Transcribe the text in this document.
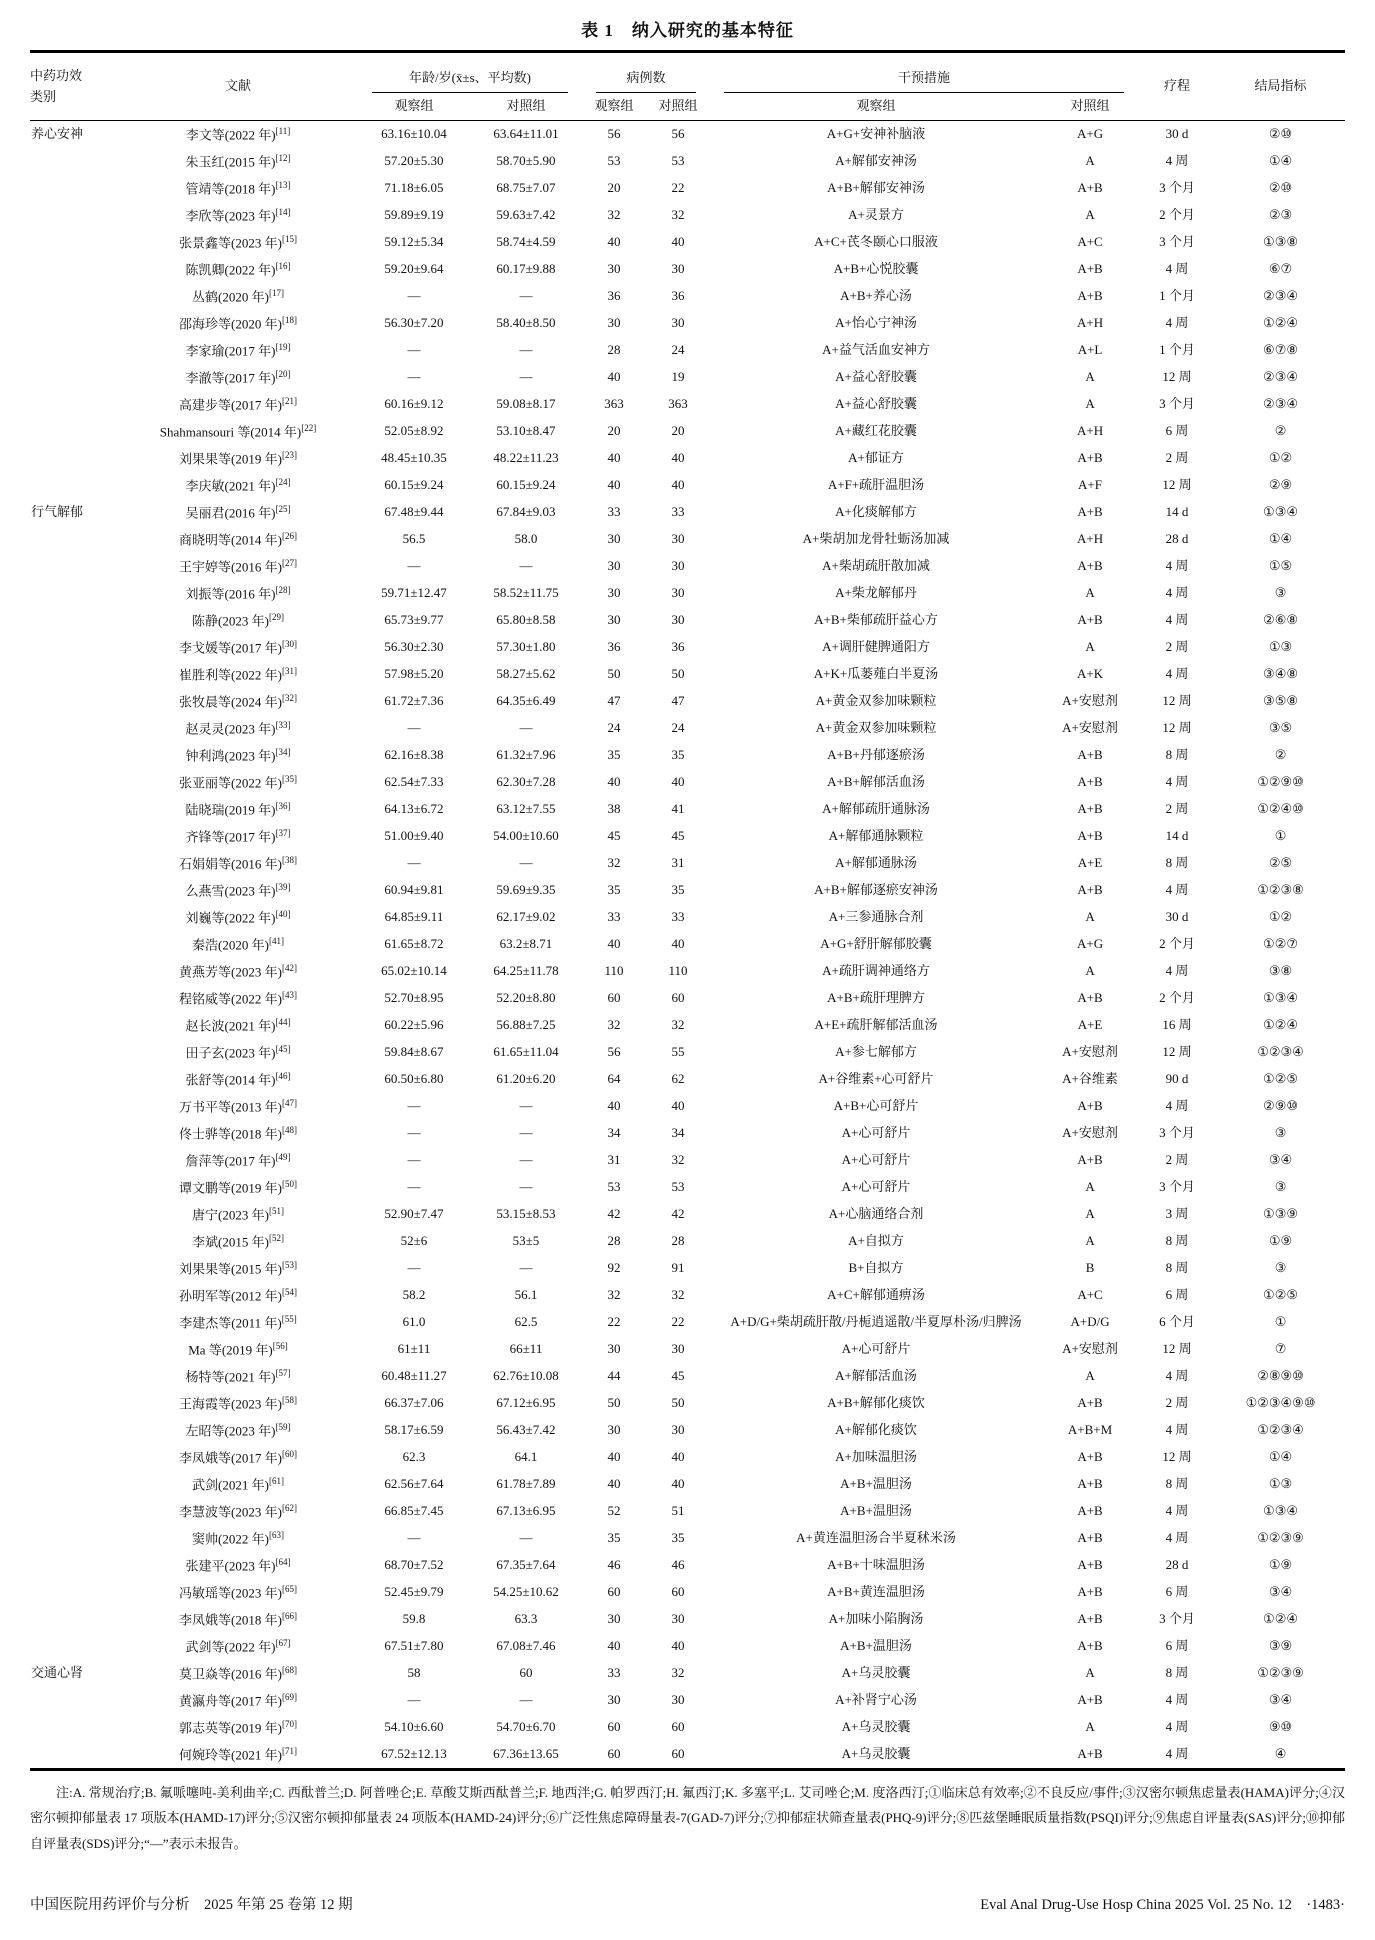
表 1　纳入研究的基本特征
中药功效
类别	文献	年龄/岁(x̄±s、平均数)		病例数		干预措施		疗程	结局指标
		观察组	对照组	观察组	对照组	观察组	对照组		
养心安神	李文等(2022 年)[11]	63.16±10.04	63.64±11.01	56	56	A+G+安神补脑液	A+G	30 d	②⑩
	朱玉红(2015 年)[12]	57.20±5.30	58.70±5.90	53	53	A+解郁安神汤	A	4 周	①④
	管靖等(2018 年)[13]	71.18±6.05	68.75±7.07	20	22	A+B+解郁安神汤	A+B	3 个月	②⑩
	李欣等(2023 年)[14]	59.89±9.19	59.63±7.42	32	32	A+灵景方	A	2 个月	②③
	张景鑫等(2023 年)[15]	59.12±5.34	58.74±4.59	40	40	A+C+芪冬颐心口服液	A+C	3 个月	①③⑧
	陈凯卿(2022 年)[16]	59.20±9.64	60.17±9.88	30	30	A+B+心悦胶囊	A+B	4 周	⑥⑦
	丛鹤(2020 年)[17]	—	—	36	36	A+B+养心汤	A+B	1 个月	②③④
	邵海珍等(2020 年)[18]	56.30±7.20	58.40±8.50	30	30	A+怡心宁神汤	A+H	4 周	①②④
	李家瑜(2017 年)[19]	—	—	28	24	A+益气活血安神方	A+L	1 个月	⑥⑦⑧
	李澈等(2017 年)[20]	—	—	40	19	A+益心舒胶囊	A	12 周	②③④
	高建步等(2017 年)[21]	60.16±9.12	59.08±8.17	363	363	A+益心舒胶囊	A	3 个月	②③④
	Shahmansouri 等(2014 年)[22]	52.05±8.92	53.10±8.47	20	20	A+藏红花胶囊	A+H	6 周	②
	刘果果等(2019 年)[23]	48.45±10.35	48.22±11.23	40	40	A+郁证方	A+B	2 周	①②
	李庆敏(2021 年)[24]	60.15±9.24	60.15±9.24	40	40	A+F+疏肝温胆汤	A+F	12 周	②⑨
行气解郁	吴丽君(2016 年)[25]	67.48±9.44	67.84±9.03	33	33	A+化痰解郁方	A+B	14 d	①③④
	商晓明等(2014 年)[26]	56.5	58.0	30	30	A+柴胡加龙骨牡蛎汤加减	A+H	28 d	①④
	王宇婷等(2016 年)[27]	—	—	30	30	A+柴胡疏肝散加减	A+B	4 周	①⑤
	刘振等(2016 年)[28]	59.71±12.47	58.52±11.75	30	30	A+柴龙解郁丹	A	4 周	③
	陈静(2023 年)[29]	65.73±9.77	65.80±8.58	30	30	A+B+柴郁疏肝益心方	A+B	4 周	②⑥⑧
	李戈媛等(2017 年)[30]	56.30±2.30	57.30±1.80	36	36	A+调肝健脾通阳方	A	2 周	①③
	崔胜利等(2022 年)[31]	57.98±5.20	58.27±5.62	50	50	A+K+瓜蒌薤白半夏汤	A+K	4 周	③④⑧
	张牧晨等(2024 年)[32]	61.72±7.36	64.35±6.49	47	47	A+黄金双参加味颗粒	A+安慰剂	12 周	③⑤⑧
	赵灵灵(2023 年)[33]	—	—	24	24	A+黄金双参加味颗粒	A+安慰剂	12 周	③⑤
	钟利鸿(2023 年)[34]	62.16±8.38	61.32±7.96	35	35	A+B+丹郁逐瘀汤	A+B	8 周	②
	张亚丽等(2022 年)[35]	62.54±7.33	62.30±7.28	40	40	A+B+解郁活血汤	A+B	4 周	①②⑨⑩
	陆晓瑞(2019 年)[36]	64.13±6.72	63.12±7.55	38	41	A+解郁疏肝通脉汤	A+B	2 周	①②④⑩
	齐锋等(2017 年)[37]	51.00±9.40	54.00±10.60	45	45	A+解郁通脉颗粒	A+B	14 d	①
	石娟娟等(2016 年)[38]	—	—	32	31	A+解郁通脉汤	A+E	8 周	②⑤
	么燕雪(2023 年)[39]	60.94±9.81	59.69±9.35	35	35	A+B+解郁逐瘀安神汤	A+B	4 周	①②③⑧
	刘巍等(2022 年)[40]	64.85±9.11	62.17±9.02	33	33	A+三参通脉合剂	A	30 d	①②
	秦浩(2020 年)[41]	61.65±8.72	63.2±8.71	40	40	A+G+舒肝解郁胶囊	A+G	2 个月	①②⑦
	黄燕芳等(2023 年)[42]	65.02±10.14	64.25±11.78	110	110	A+疏肝调神通络方	A	4 周	③⑧
	程铭威等(2022 年)[43]	52.70±8.95	52.20±8.80	60	60	A+B+疏肝理脾方	A+B	2 个月	①③④
	赵长波(2021 年)[44]	60.22±5.96	56.88±7.25	32	32	A+E+疏肝解郁活血汤	A+E	16 周	①②④
	田子玄(2023 年)[45]	59.84±8.67	61.65±11.04	56	55	A+参七解郁方	A+安慰剂	12 周	①②③④
	张舒等(2014 年)[46]	60.50±6.80	61.20±6.20	64	62	A+谷维素+心可舒片	A+谷维素	90 d	①②⑤
	万书平等(2013 年)[47]	—	—	40	40	A+B+心可舒片	A+B	4 周	②⑨⑩
	佟士骅等(2018 年)[48]	—	—	34	34	A+心可舒片	A+安慰剂	3 个月	③
	詹萍等(2017 年)[49]	—	—	31	32	A+心可舒片	A+B	2 周	③④
	谭文鹏等(2019 年)[50]	—	—	53	53	A+心可舒片	A	3 个月	③
	唐宁(2023 年)[51]	52.90±7.47	53.15±8.53	42	42	A+心脑通络合剂	A	3 周	①③⑨
	李斌(2015 年)[52]	52±6	53±5	28	28	A+自拟方	A	8 周	①⑨
	刘果果等(2015 年)[53]	—	—	92	91	B+自拟方	B	8 周	③
	孙明军等(2012 年)[54]	58.2	56.1	32	32	A+C+解郁通痹汤	A+C	6 周	①②⑤
	李建杰等(2011 年)[55]	61.0	62.5	22	22	A+D/G+柴胡疏肝散/丹栀逍遥散/半夏厚朴汤/归脾汤	A+D/G	6 个月	①
	Ma 等(2019 年)[56]	61±11	66±11	30	30	A+心可舒片	A+安慰剂	12 周	⑦
	杨特等(2021 年)[57]	60.48±11.27	62.76±10.08	44	45	A+解郁活血汤	A	4 周	②⑧⑨⑩
	王海霞等(2023 年)[58]	66.37±7.06	67.12±6.95	50	50	A+B+解郁化痰饮	A+B	2 周	①②③④⑨⑩
	左昭等(2023 年)[59]	58.17±6.59	56.43±7.42	30	30	A+解郁化痰饮	A+B+M	4 周	①②③④
	李凤娥等(2017 年)[60]	62.3	64.1	40	40	A+加味温胆汤	A+B	12 周	①④
	武剑(2021 年)[61]	62.56±7.64	61.78±7.89	40	40	A+B+温胆汤	A+B	8 周	①③
	李慧波等(2023 年)[62]	66.85±7.45	67.13±6.95	52	51	A+B+温胆汤	A+B	4 周	①③④
	窦帅(2022 年)[63]	—	—	35	35	A+黄连温胆汤合半夏秫米汤	A+B	4 周	①②③⑨
	张建平(2023 年)[64]	68.70±7.52	67.35±7.64	46	46	A+B+十味温胆汤	A+B	28 d	①⑨
	冯敏瑶等(2023 年)[65]	52.45±9.79	54.25±10.62	60	60	A+B+黄连温胆汤	A+B	6 周	③④
	李凤娥等(2018 年)[66]	59.8	63.3	30	30	A+加味小陷胸汤	A+B	3 个月	①②④
	武剑等(2022 年)[67]	67.51±7.80	67.08±7.46	40	40	A+B+温胆汤	A+B	6 周	③⑨
交通心肾	莫卫焱等(2016 年)[68]	58	60	33	32	A+乌灵胶囊	A	8 周	①②③⑨
	黄瀛舟等(2017 年)[69]	—	—	30	30	A+补肾宁心汤	A+B	4 周	③④
	郭志英等(2019 年)[70]	54.10±6.60	54.70±6.70	60	60	A+乌灵胶囊	A	4 周	⑨⑩
	何婉玲等(2021 年)[71]	67.52±12.13	67.36±13.65	60	60	A+乌灵胶囊	A+B	4 周	④

注:A. 常规治疗;B. 氟哌噻吨-美利曲辛;C. 西酞普兰;D. 阿普唑仑;E. 草酸艾斯西酞普兰;F. 地西泮;G. 帕罗西汀;H. 氟西汀;K. 多塞平;L. 艾司唑仑;M. 度洛西汀;①临床总有效率;②不良反应/事件;③汉密尔顿焦虑量表(HAMA)评分;④汉密尔顿抑郁量表 17 项版本(HAMD-17)评分;⑤汉密尔顿抑郁量表 24 项版本(HAMD-24)评分;⑥广泛性焦虑障碍量表-7(GAD-7)评分;⑦抑郁症状筛查量表(PHQ-9)评分;⑧匹兹堡睡眠质量指数(PSQI)评分;⑨焦虑自评量表(SAS)评分;⑩抑郁自评量表(SDS)评分;“—”表示未报告。

中国医院用药评价与分析　2025 年第 25 卷第 12 期	Eval Anal Drug-Use Hosp China 2025 Vol. 25 No. 12　·1483·
